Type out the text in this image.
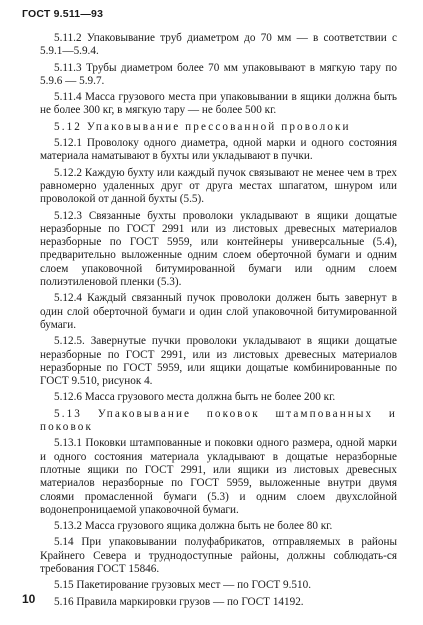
ГОСТ 9.511—93

5.11.2 Упаковывание труб диаметром до 70 мм — в соответствии с 5.9.1—5.9.4.

5.11.3 Трубы диаметром более 70 мм упаковывают в мягкую тару по 5.9.6 — 5.9.7.

5.11.4 Масса грузового места при упаковывании в ящики должна быть не более 300 кг, в мягкую тару — не более 500 кг.

5.12 Упаковывание прессованной проволоки

5.12.1 Проволоку одного диаметра, одной марки и одного состояния материала наматывают в бухты или укладывают в пучки.

5.12.2 Каждую бухту или каждый пучок связывают не менее чем в трех равномерно удаленных друг от друга местах шпагатом, шнуром или проволокой от данной бухты (5.5).

5.12.3 Связанные бухты проволоки укладывают в ящики дощатые неразборные по ГОСТ 2991 или из листовых древесных материалов неразборные по ГОСТ 5959, или контейнеры универсальные (5.4), предварительно выложенные одним слоем оберточной бумаги и одним слоем упаковочной битумированной бумаги или одним слоем полиэтиленовой пленки (5.3).

5.12.4 Каждый связанный пучок проволоки должен быть завернут в один слой оберточной бумаги и один слой упаковочной битумированной бумаги.

5.12.5. Завернутые пучки проволоки укладывают в ящики дощатые неразборные по ГОСТ 2991, или из листовых древесных материалов неразборные по ГОСТ 5959, или ящики дощатые комбинированные по ГОСТ 9.510, рисунок 4.

5.12.6 Масса грузового места должна быть не более 200 кг.

5.13 Упаковывание поковок штампованных и поковок

5.13.1 Поковки штампованные и поковки одного размера, одной марки и одного состояния материала укладывают в дощатые неразборные плотные ящики по ГОСТ 2991, или ящики из листовых древесных материалов неразборные по ГОСТ 5959, выложенные внутри двумя слоями промасленной бумаги (5.3) и одним слоем двухслойной водонепроницаемой упаковочной бумаги.

5.13.2 Масса грузового ящика должна быть не более 80 кг.

5.14 При упаковывании полуфабрикатов, отправляемых в районы Крайнего Севера и труднодоступные районы, должны соблюдать-ся требования ГОСТ 15846.

5.15 Пакетирование грузовых мест — по ГОСТ 9.510.

5.16 Правила маркировки грузов — по ГОСТ 14192.

10
